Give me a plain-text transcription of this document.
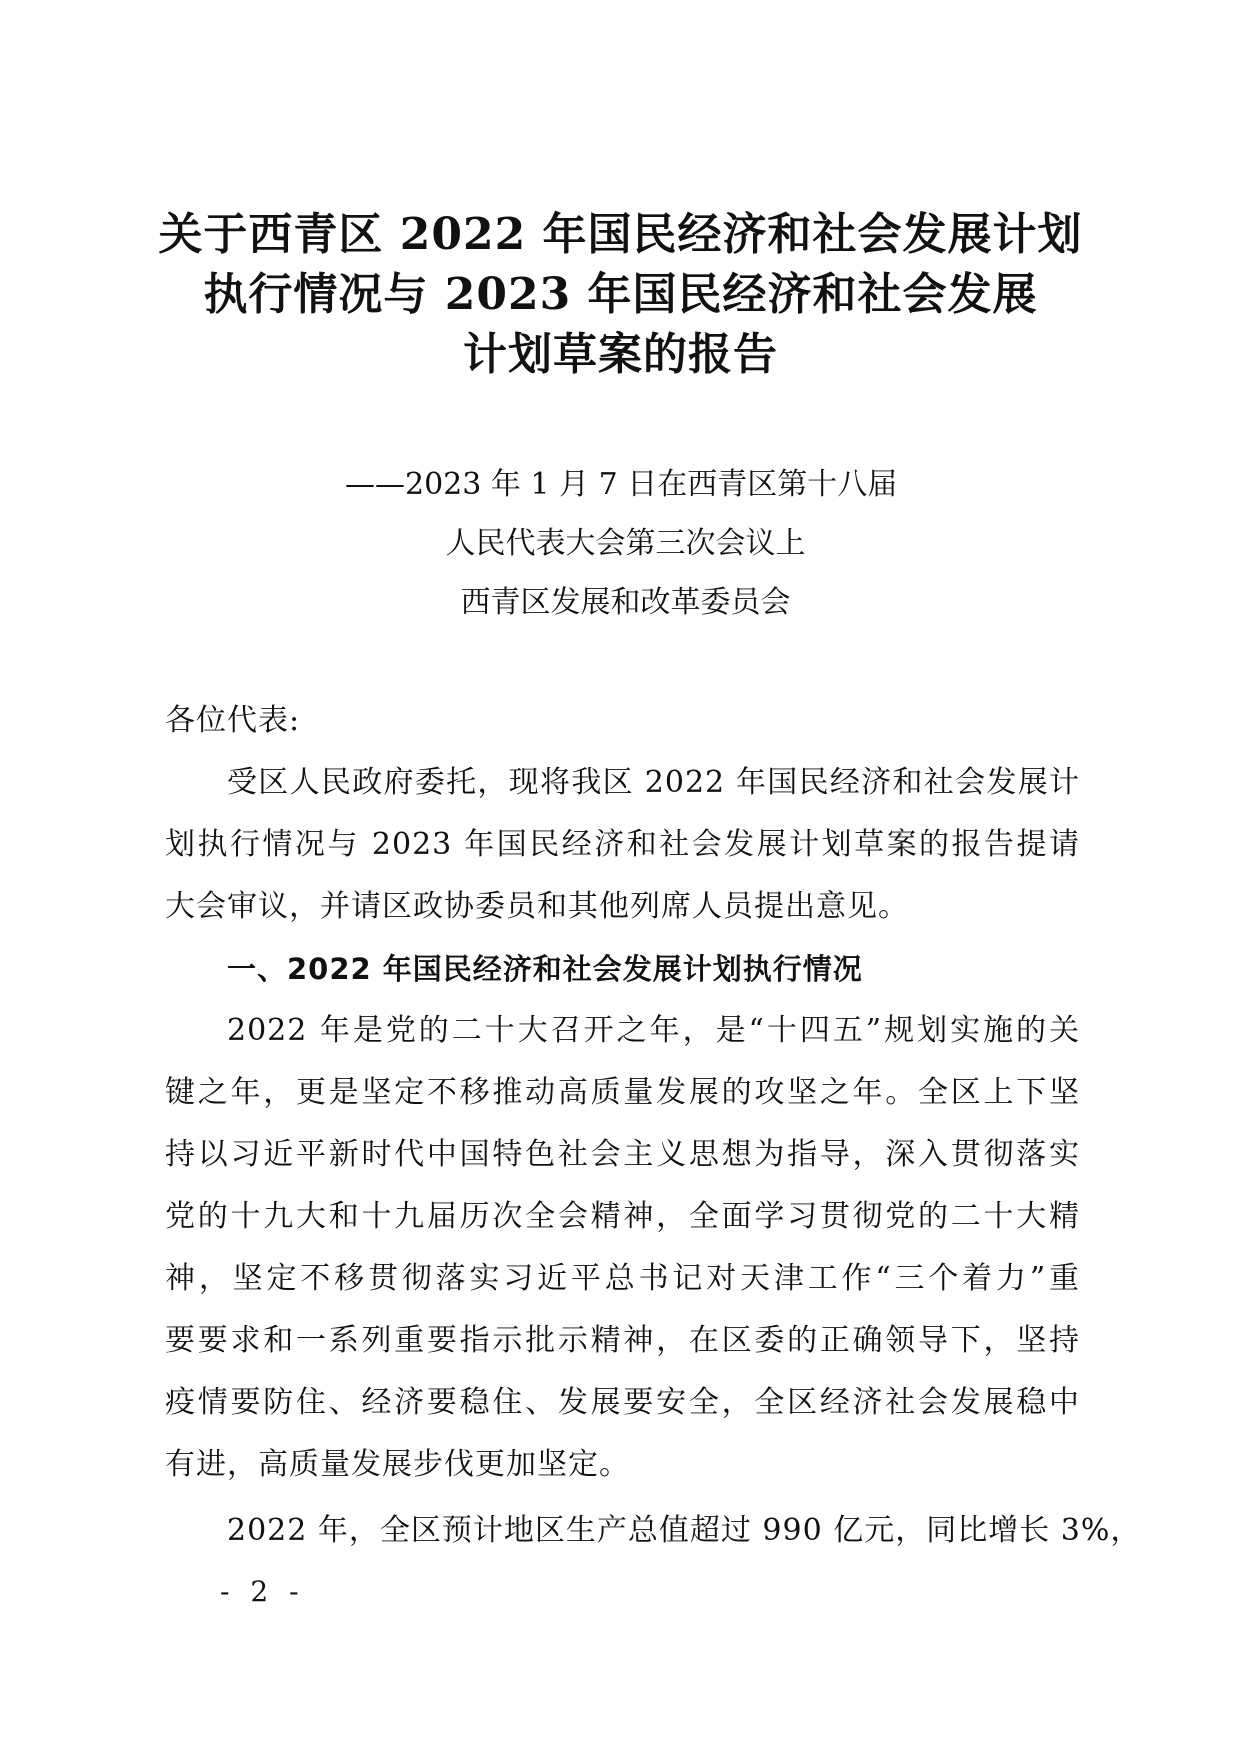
关于西青区 2022 年国民经济和社会发展计划
执行情况与 2023 年国民经济和社会发展
计划草案的报告
——2023 年 1 月 7 日在西青区第十八届
人民代表大会第三次会议上
西青区发展和改革委员会
各位代表:
受区人民政府委托，现将我区 2022 年国民经济和社会发展计
划执行情况与 2023 年国民经济和社会发展计划草案的报告提请
大会审议，并请区政协委员和其他列席人员提出意见。
一、2022 年国民经济和社会发展计划执行情况
2022 年是党的二十大召开之年，是“十四五”规划实施的关
键之年，更是坚定不移推动高质量发展的攻坚之年。全区上下坚
持以习近平新时代中国特色社会主义思想为指导，深入贯彻落实
党的十九大和十九届历次全会精神，全面学习贯彻党的二十大精
神，坚定不移贯彻落实习近平总书记对天津工作“三个着力”重
要要求和一系列重要指示批示精神，在区委的正确领导下，坚持
疫情要防住、经济要稳住、发展要安全，全区经济社会发展稳中
有进，高质量发展步伐更加坚定。
2022 年，全区预计地区生产总值超过 990 亿元，同比增长 3%，
- 2 -
